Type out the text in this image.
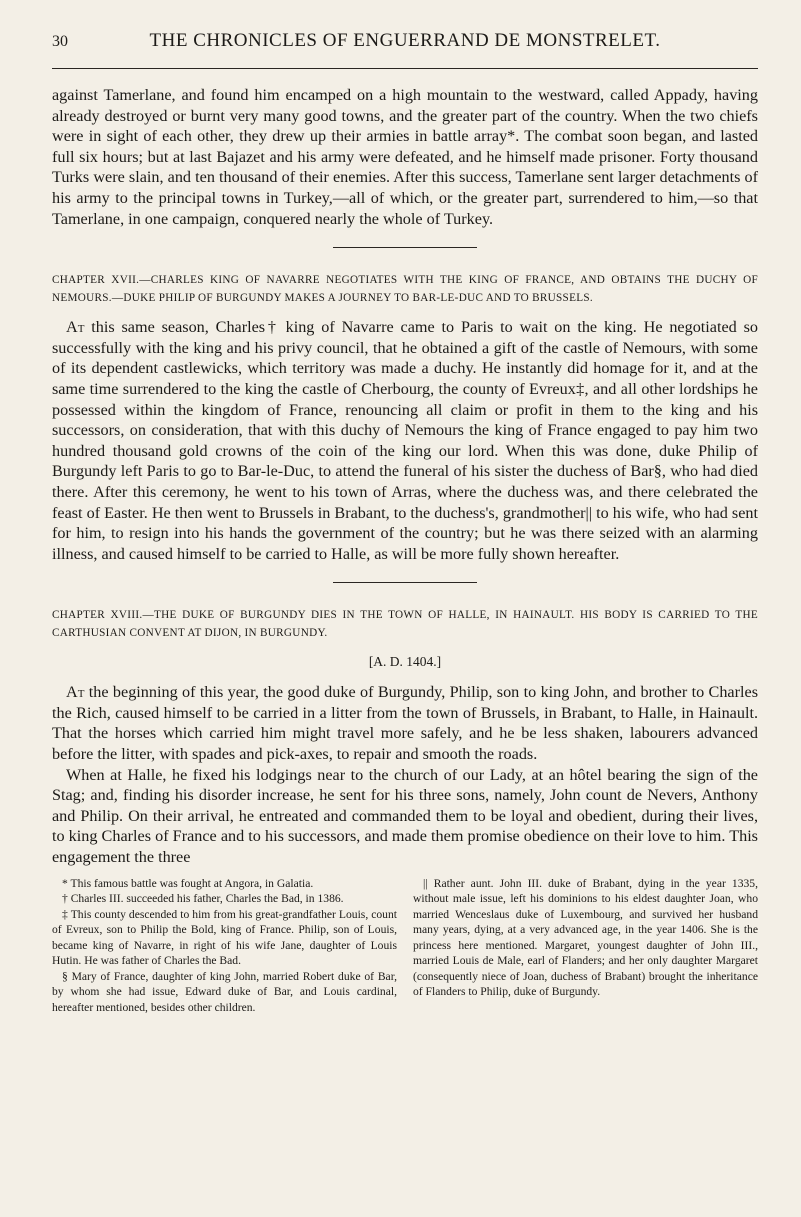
30	THE CHRONICLES OF ENGUERRAND DE MONSTRELET.

against Tamerlane, and found him encamped on a high mountain to the westward, called Appady, having already destroyed or burnt very many good towns, and the greater part of the country. When the two chiefs were in sight of each other, they drew up their armies in battle array*. The combat soon began, and lasted full six hours; but at last Bajazet and his army were defeated, and he himself made prisoner. Forty thousand Turks were slain, and ten thousand of their enemies. After this success, Tamerlane sent larger detachments of his army to the principal towns in Turkey,—all of which, or the greater part, surrendered to him,—so that Tamerlane, in one campaign, conquered nearly the whole of Turkey.

CHAPTER XVII.—CHARLES KING OF NAVARRE NEGOTIATES WITH THE KING OF FRANCE, AND OBTAINS THE DUCHY OF NEMOURS.—DUKE PHILIP OF BURGUNDY MAKES A JOURNEY TO BAR-LE-DUC AND TO BRUSSELS.

At this same season, Charles† king of Navarre came to Paris to wait on the king. He negotiated so successfully with the king and his privy council, that he obtained a gift of the castle of Nemours, with some of its dependent castlewicks, which territory was made a duchy. He instantly did homage for it, and at the same time surrendered to the king the castle of Cherbourg, the county of Evreux‡, and all other lordships he possessed within the kingdom of France, renouncing all claim or profit in them to the king and his successors, on consideration, that with this duchy of Nemours the king of France engaged to pay him two hundred thousand gold crowns of the coin of the king our lord. When this was done, duke Philip of Burgundy left Paris to go to Bar-le-Duc, to attend the funeral of his sister the duchess of Bar§, who had died there. After this ceremony, he went to his town of Arras, where the duchess was, and there celebrated the feast of Easter. He then went to Brussels in Brabant, to the duchess's, grandmother|| to his wife, who had sent for him, to resign into his hands the government of the country; but he was there seized with an alarming illness, and caused himself to be carried to Halle, as will be more fully shown hereafter.

CHAPTER XVIII.—THE DUKE OF BURGUNDY DIES IN THE TOWN OF HALLE, IN HAINAULT. HIS BODY IS CARRIED TO THE CARTHUSIAN CONVENT AT DIJON, IN BURGUNDY.
[A. D. 1404.]

At the beginning of this year, the good duke of Burgundy, Philip, son to king John, and brother to Charles the Rich, caused himself to be carried in a litter from the town of Brussels, in Brabant, to Halle, in Hainault. That the horses which carried him might travel more safely, and he be less shaken, labourers advanced before the litter, with spades and pick-axes, to repair and smooth the roads.

When at Halle, he fixed his lodgings near to the church of our Lady, at an hôtel bearing the sign of the Stag; and, finding his disorder increase, he sent for his three sons, namely, John count de Nevers, Anthony and Philip. On their arrival, he entreated and commanded them to be loyal and obedient, during their lives, to king Charles of France and to his successors, and made them promise obedience on their love to him. This engagement the three

* This famous battle was fought at Angora, in Galatia.
† Charles III. succeeded his father, Charles the Bad, in 1386.
‡ This county descended to him from his great-grandfather Louis, count of Evreux, son to Philip the Bold, king of France. Philip, son of Louis, became king of Navarre, in right of his wife Jane, daughter of Louis Hutin. He was father of Charles the Bad.
§ Mary of France, daughter of king John, married Robert duke of Bar, by whom she had issue, Edward duke of Bar, and Louis cardinal, hereafter mentioned, besides other children.
|| Rather aunt. John III. duke of Brabant, dying in the year 1335, without male issue, left his dominions to his eldest daughter Joan, who married Wenceslaus duke of Luxembourg, and survived her husband many years, dying, at a very advanced age, in the year 1406. She is the princess here mentioned. Margaret, youngest daughter of John III., married Louis de Male, earl of Flanders; and her only daughter Margaret (consequently niece of Joan, duchess of Brabant) brought the inheritance of Flanders to Philip, duke of Burgundy.
